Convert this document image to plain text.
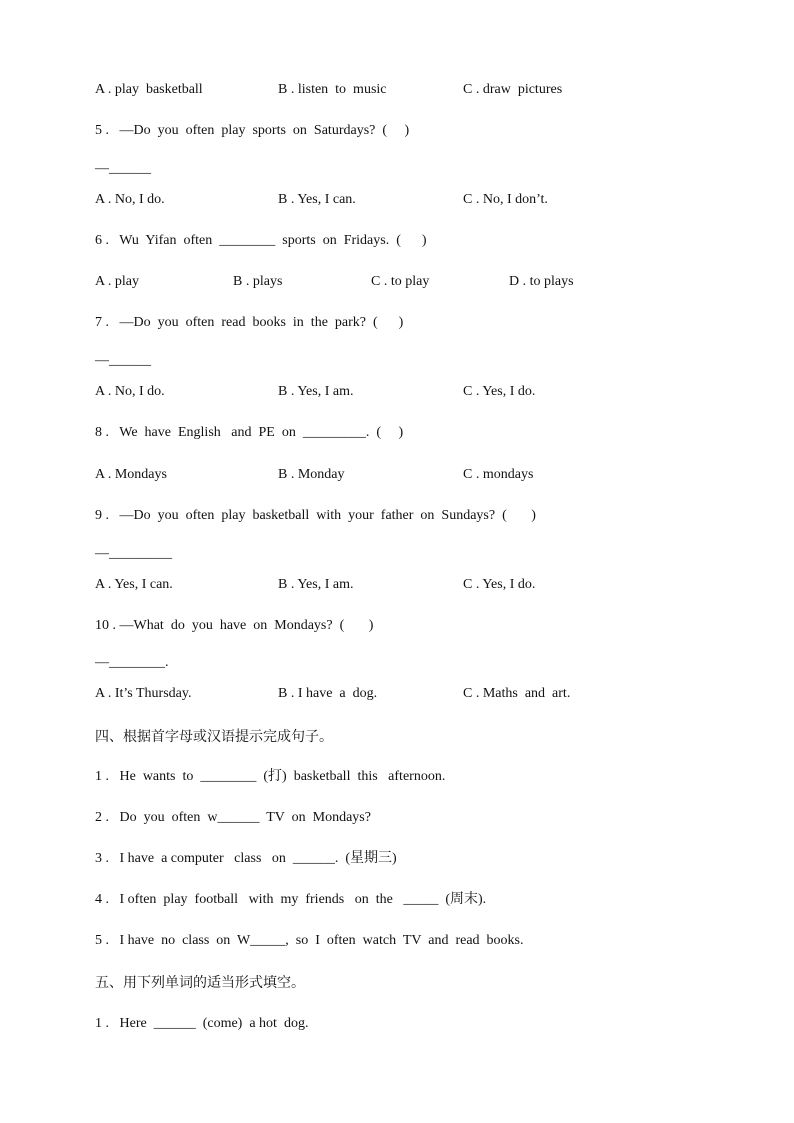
A . play  basketball	B . listen  to  music	C . draw  pictures
5 .   —Do  you  often  play  sports  on  Saturdays?  (     )
—______
A . No, I do.	B . Yes, I can.	C . No, I don’t.
6 .   Wu  Yifan  often  ________  sports  on  Fridays.  (      )
A . play	B . plays	C . to play	D . to plays
7 .   —Do  you  often  read  books  in  the  park?  (      )
—______
A . No, I do.	B . Yes, I am.	C . Yes, I do.
8 .   We  have  English   and  PE  on  _________.  (     )
A . Mondays	B . Monday	C . mondays
9 .   —Do  you  often  play  basketball  with  your  father  on  Sundays?  (       )
—_________
A . Yes, I can.	B . Yes, I am.	C . Yes, I do.
10 . —What  do  you  have  on  Mondays?  (       )
—________.
A . It’s Thursday.	B . I have  a  dog.	C . Maths  and  art.
四、根据首字母或汉语提示完成句子。
1 .   He  wants  to  ________  (打)  basketball  this   afternoon.
2 .   Do  you  often  w______  TV  on  Mondays?
3 .   I have  a computer   class   on  ______.  (星期三)
4 .   I often  play  football   with  my  friends   on  the   _____  (周末).
5 .   I have  no  class  on  W_____,  so  I  often  watch  TV  and  read  books.
五、用下列单词的适当形式填空。
1 .   Here  ______  (come)  a hot  dog.
